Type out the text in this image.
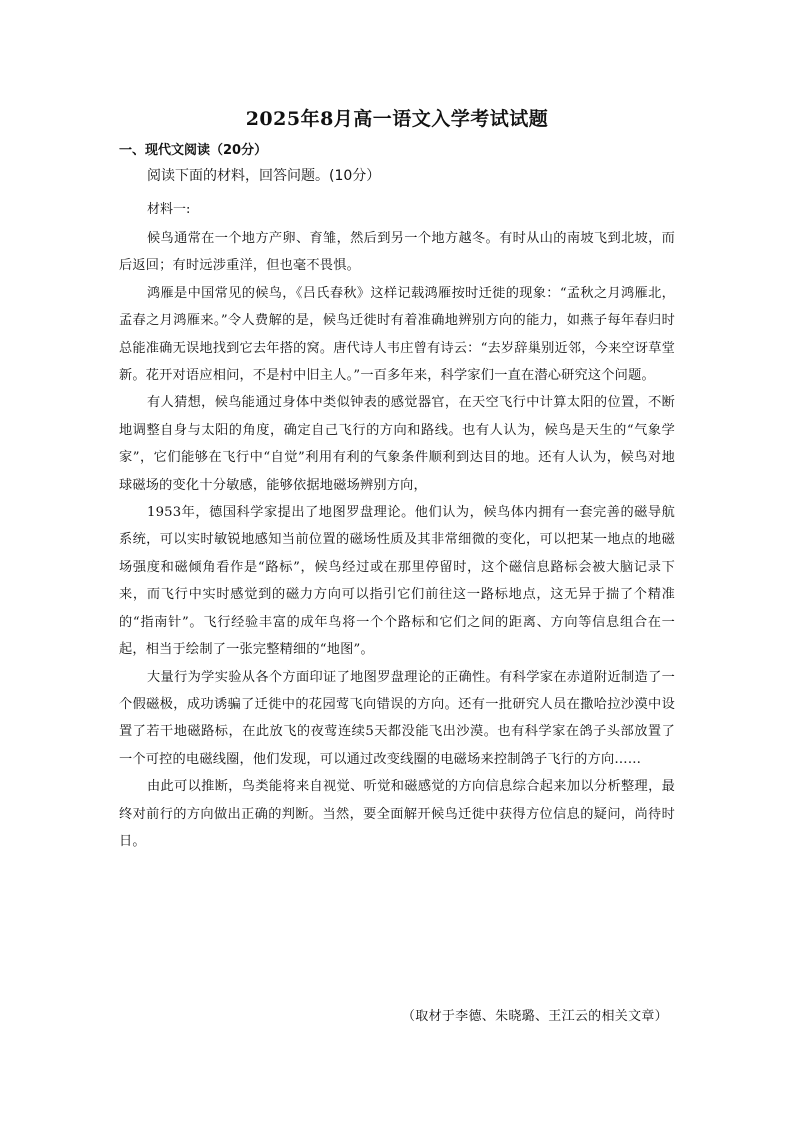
2025年8月高一语文入学考试试题
一、现代文阅读（20分）
阅读下面的材料，回答问题。(10分）
材料一:

候鸟通常在一个地方产卵、育雏，然后到另一个地方越冬。有时从山的南坡飞到北坡，而后返回；有时远涉重洋，但也毫不畏惧。

鸿雁是中国常见的候鸟，《吕氏春秋》这样记载鸿雁按时迁徙的现象：“孟秋之月鸿雁北，孟春之月鸿雁来。”令人费解的是，候鸟迁徙时有着准确地辨别方向的能力，如燕子每年春归时总能准确无误地找到它去年搭的窝。唐代诗人韦庄曾有诗云：“去岁辞巢别近邻，今来空讶草堂新。花开对语应相问，不是村中旧主人。”一百多年来，科学家们一直在潜心研究这个问题。

有人猜想，候鸟能通过身体中类似钟表的感觉器官，在天空飞行中计算太阳的位置，不断地调整自身与太阳的角度，确定自己飞行的方向和路线。也有人认为，候鸟是天生的“气象学家”，它们能够在飞行中“自觉”利用有利的气象条件顺利到达目的地。还有人认为，候鸟对地球磁场的变化十分敏感，能够依据地磁场辨别方向，

1953年，德国科学家提出了地图罗盘理论。他们认为，候鸟体内拥有一套完善的磁导航系统，可以实时敏锐地感知当前位置的磁场性质及其非常细微的变化，可以把某一地点的地磁场强度和磁倾角看作是“路标”，候鸟经过或在那里停留时，这个磁信息路标会被大脑记录下来，而飞行中实时感觉到的磁力方向可以指引它们前往这一路标地点，这无异于揣了个精准的“指南针”。飞行经验丰富的成年鸟将一个个路标和它们之间的距离、方向等信息组合在一起，相当于绘制了一张完整精细的“地图”。

大量行为学实验从各个方面印证了地图罗盘理论的正确性。有科学家在赤道附近制造了一个假磁极，成功诱骗了迁徙中的花园莺飞向错误的方向。还有一批研究人员在撒哈拉沙漠中设置了若干地磁路标，在此放飞的夜莺连续5天都没能飞出沙漠。也有科学家在鸽子头部放置了一个可控的电磁线圈，他们发现，可以通过改变线圈的电磁场来控制鸽子飞行的方向……

由此可以推断，鸟类能将来自视觉、听觉和磁感觉的方向信息综合起来加以分析整理，最终对前行的方向做出正确的判断。当然，要全面解开候鸟迁徙中获得方位信息的疑问，尚待时日。

（取材于李德、朱晓璐、王江云的相关文章）
